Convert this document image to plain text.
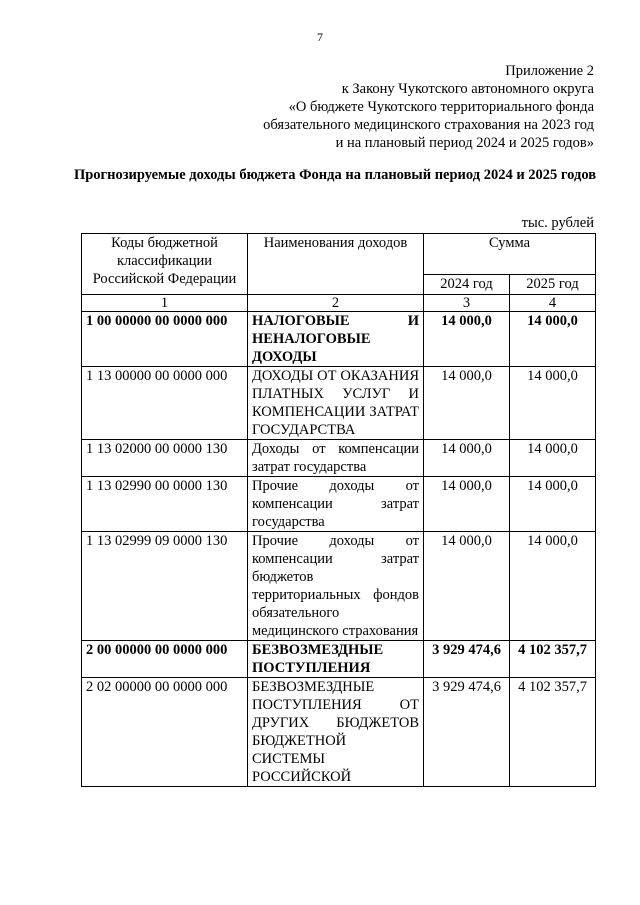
7
Приложение 2
к Закону Чукотского автономного округа
«О бюджете Чукотского территориального фонда
обязательного медицинского страхования на 2023 год
и на плановый период 2024 и 2025 годов»
Прогнозируемые доходы бюджета Фонда на плановый период 2024 и 2025 годов
тыс. рублей
Коды бюджетной классификации Российской Федерации	Наименования доходов	Сумма	
		2024 год	2025 год
1	2	3	4
1 00 00000 00 0000 000	НАЛОГОВЫЕ И НЕНАЛОГОВЫЕ ДОХОДЫ	14 000,0	14 000,0
1 13 00000 00 0000 000	ДОХОДЫ ОТ ОКАЗАНИЯ ПЛАТНЫХ УСЛУГ И КОМПЕНСАЦИИ ЗАТРАТ ГОСУДАРСТВА	14 000,0	14 000,0
1 13 02000 00 0000 130	Доходы от компенсации затрат государства	14 000,0	14 000,0
1 13 02990 00 0000 130	Прочие доходы от компенсации затрат государства	14 000,0	14 000,0
1 13 02999 09 0000 130	Прочие доходы от компенсации затрат бюджетов территориальных фондов обязательного медицинского страхования	14 000,0	14 000,0
2 00 00000 00 0000 000	БЕЗВОЗМЕЗДНЫЕ ПОСТУПЛЕНИЯ	3 929 474,6	4 102 357,7
2 02 00000 00 0000 000	БЕЗВОЗМЕЗДНЫЕ ПОСТУПЛЕНИЯ ОТ ДРУГИХ БЮДЖЕТОВ БЮДЖЕТНОЙ СИСТЕМЫ РОССИЙСКОЙ	3 929 474,6	4 102 357,7
